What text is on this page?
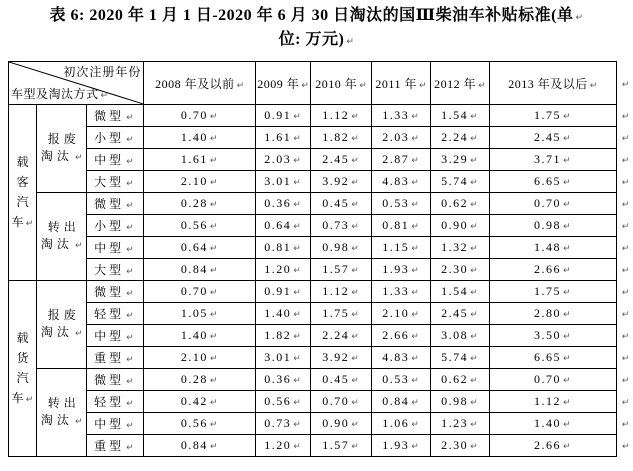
表 6: 2020 年 1 月 1 日-2020 年 6 月 30 日淘汰的国Ⅲ柴油车补贴标准(单 ↵
位: 万元) ↵
初次注册年份
车型及淘汰方式 ↵			2008 年及以前 ↵	2009 年 ↵	2010 年 ↵	2011 年 ↵	2012 年 ↵	2013 年及以后 ↵	↵

载
客
汽
车 ↵	报废
淘汰 ↵	微型 ↵	0.70 ↵	0.91 ↵	1.12 ↵	1.33 ↵	1.54 ↵	1.75 ↵	↵
		小型 ↵	1.40 ↵	1.61 ↵	1.82 ↵	2.03 ↵	2.24 ↵	2.45 ↵	↵
		中型 ↵	1.61 ↵	2.03 ↵	2.45 ↵	2.87 ↵	3.29 ↵	3.71 ↵	↵
		大型 ↵	2.10 ↵	3.01 ↵	3.92 ↵	4.83 ↵	5.74 ↵	6.65 ↵	↵

	转出
淘汰 ↵	微型 ↵	0.28 ↵	0.36 ↵	0.45 ↵	0.53 ↵	0.62 ↵	0.70 ↵	↵
		小型 ↵	0.56 ↵	0.64 ↵	0.73 ↵	0.81 ↵	0.90 ↵	0.98 ↵	↵
		中型 ↵	0.64 ↵	0.81 ↵	0.98 ↵	1.15 ↵	1.32 ↵	1.48 ↵	↵
		大型 ↵	0.84 ↵	1.20 ↵	1.57 ↵	1.93 ↵	2.30 ↵	2.66 ↵	↵

载
货
汽
车 ↵	报废
淘汰 ↵	微型 ↵	0.70 ↵	0.91 ↵	1.12 ↵	1.33 ↵	1.54 ↵	1.75 ↵	↵
		轻型 ↵	1.05 ↵	1.40 ↵	1.75 ↵	2.10 ↵	2.45 ↵	2.80 ↵	↵
		中型 ↵	1.40 ↵	1.82 ↵	2.24 ↵	2.66 ↵	3.08 ↵	3.50 ↵	↵
		重型 ↵	2.10 ↵	3.01 ↵	3.92 ↵	4.83 ↵	5.74 ↵	6.65 ↵	↵

	转出
淘汰 ↵	微型 ↵	0.28 ↵	0.36 ↵	0.45 ↵	0.53 ↵	0.62 ↵	0.70 ↵	↵
		轻型 ↵	0.42 ↵	0.56 ↵	0.70 ↵	0.84 ↵	0.98 ↵	1.12 ↵	↵
		中型 ↵	0.56 ↵	0.73 ↵	0.90 ↵	1.06 ↵	1.23 ↵	1.40 ↵	↵
		重型 ↵	0.84 ↵	1.20 ↵	1.57 ↵	1.93 ↵	2.30 ↵	2.66 ↵	↵
